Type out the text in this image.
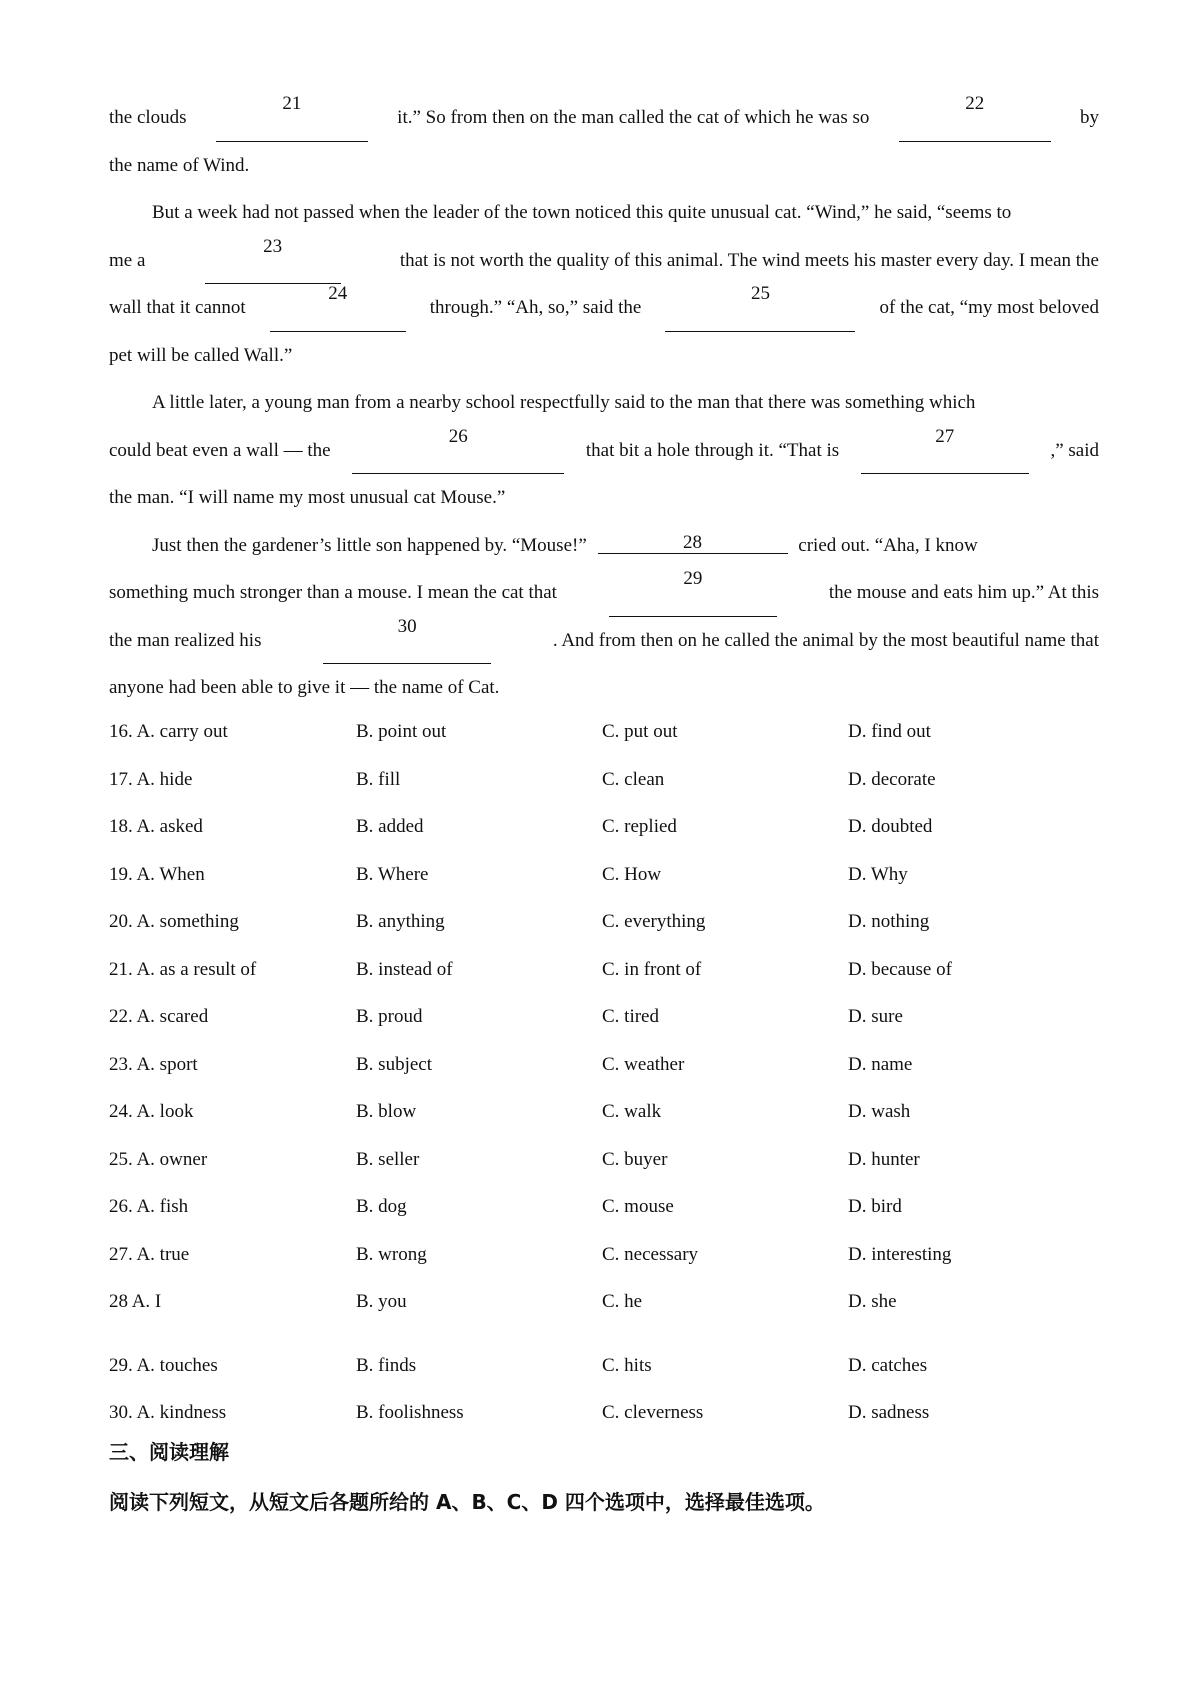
the clouds
21
it.” So from then on the man called the cat of which he was so
22
by
the name of Wind.
But a week had not passed when the leader of the town noticed this quite unusual cat. “Wind,” he said, “seems to
me a
23
that is not worth the quality of this animal. The wind meets his master every day. I mean the
wall that it cannot
24
through.” “Ah, so,” said the
25
of the cat, “my most beloved
pet will be called Wall.”
A little later, a young man from a nearby school respectfully said to the man that there was something which
could beat even a wall — the
26
that bit a hole through it. “That is
27
,” said
the man. “I will name my most unusual cat Mouse.”
Just then the gardener’s little son happened by. “Mouse!”	28	cried out. “Aha, I know
something much stronger than a mouse. I mean the cat that
29
the mouse and eats him up.” At this
the man realized his
30
. And from then on he called the animal by the most beautiful name that
anyone had been able to give it — the name of Cat.
16. A. carry out	B. point out	C. put out	D. find out
17. A. hide	B. fill	C. clean	D. decorate
18. A. asked	B. added	C. replied	D. doubted
19. A. When	B. Where	C. How	D. Why
20. A. something	B. anything	C. everything	D. nothing
21. A. as a result of	B. instead of	C. in front of	D. because of
22. A. scared	B. proud	C. tired	D. sure
23. A. sport	B. subject	C. weather	D. name
24. A. look	B. blow	C. walk	D. wash
25. A. owner	B. seller	C. buyer	D. hunter
26. A. fish	B. dog	C. mouse	D. bird
27. A. true	B. wrong	C. necessary	D. interesting
28 A. I	B. you	C. he	D. she
29. A. touches	B. finds	C. hits	D. catches
30. A. kindness	B. foolishness	C. cleverness	D. sadness
三、阅读理解
阅读下列短文，从短文后各题所给的 A、B、C、D 四个选项中，选择最佳选项。
